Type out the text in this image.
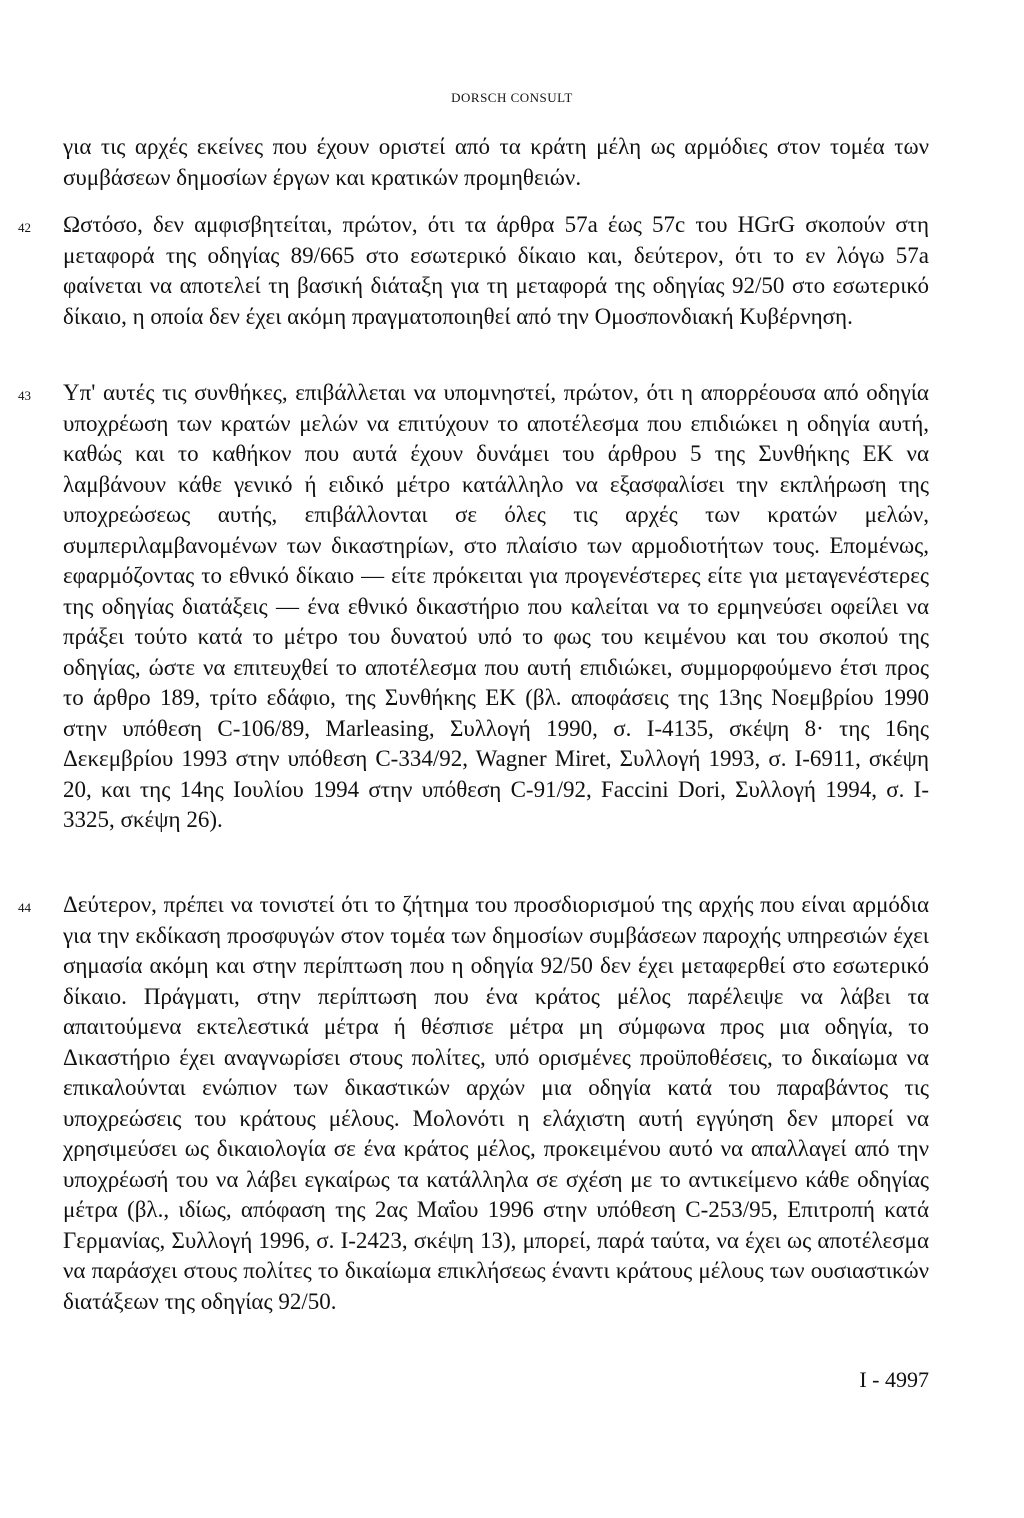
DORSCH CONSULT
για τις αρχές εκείνες που έχουν οριστεί από τα κράτη μέλη ως αρμόδιες στον τομέα των συμβάσεων δημοσίων έργων και κρατικών προμηθειών.
42 Ωστόσο, δεν αμφισβητείται, πρώτον, ότι τα άρθρα 57a έως 57c του HGrG σκοπούν στη μεταφορά της οδηγίας 89/665 στο εσωτερικό δίκαιο και, δεύτερον, ότι το εν λόγω 57a φαίνεται να αποτελεί τη βασική διάταξη για τη μεταφορά της οδηγίας 92/50 στο εσωτερικό δίκαιο, η οποία δεν έχει ακόμη πραγματοποιηθεί από την Ομοσπονδιακή Κυβέρνηση.
43 Υπ' αυτές τις συνθήκες, επιβάλλεται να υπομνηστεί, πρώτον, ότι η απορρέουσα από οδηγία υποχρέωση των κρατών μελών να επιτύχουν το αποτέλεσμα που επιδιώκει η οδηγία αυτή, καθώς και το καθήκον που αυτά έχουν δυνάμει του άρθρου 5 της Συνθήκης ΕΚ να λαμβάνουν κάθε γενικό ή ειδικό μέτρο κατάλληλο να εξασφαλίσει την εκπλήρωση της υποχρεώσεως αυτής, επιβάλλονται σε όλες τις αρχές των κρατών μελών, συμπεριλαμβανομένων των δικαστηρίων, στο πλαίσιο των αρμοδιοτήτων τους. Επομένως, εφαρμόζοντας το εθνικό δίκαιο — είτε πρόκειται για προγενέστερες είτε για μεταγενέστερες της οδηγίας διατάξεις — ένα εθνικό δικαστήριο που καλείται να το ερμηνεύσει οφείλει να πράξει τούτο κατά το μέτρο του δυνατού υπό το φως του κειμένου και του σκοπού της οδηγίας, ώστε να επιτευχθεί το αποτέλεσμα που αυτή επιδιώκει, συμμορφούμενο έτσι προς το άρθρο 189, τρίτο εδάφιο, της Συνθήκης ΕΚ (βλ. αποφάσεις της 13ης Νοεμβρίου 1990 στην υπόθεση C-106/89, Marleasing, Συλλογή 1990, σ. I-4135, σκέψη 8· της 16ης Δεκεμβρίου 1993 στην υπόθεση C-334/92, Wagner Miret, Συλλογή 1993, σ. I-6911, σκέψη 20, και της 14ης Ιουλίου 1994 στην υπόθεση C-91/92, Faccini Dori, Συλλογή 1994, σ. I-3325, σκέψη 26).
44 Δεύτερον, πρέπει να τονιστεί ότι το ζήτημα του προσδιορισμού της αρχής που είναι αρμόδια για την εκδίκαση προσφυγών στον τομέα των δημοσίων συμβάσεων παροχής υπηρεσιών έχει σημασία ακόμη και στην περίπτωση που η οδηγία 92/50 δεν έχει μεταφερθεί στο εσωτερικό δίκαιο. Πράγματι, στην περίπτωση που ένα κράτος μέλος παρέλειψε να λάβει τα απαιτούμενα εκτελεστικά μέτρα ή θέσπισε μέτρα μη σύμφωνα προς μια οδηγία, το Δικαστήριο έχει αναγνωρίσει στους πολίτες, υπό ορισμένες προϋποθέσεις, το δικαίωμα να επικαλούνται ενώπιον των δικαστικών αρχών μια οδηγία κατά του παραβάντος τις υποχρεώσεις του κράτους μέλους. Μολονότι η ελάχιστη αυτή εγγύηση δεν μπορεί να χρησιμεύσει ως δικαιολογία σε ένα κράτος μέλος, προκειμένου αυτό να απαλλαγεί από την υποχρέωσή του να λάβει εγκαίρως τα κατάλληλα σε σχέση με το αντικείμενο κάθε οδηγίας μέτρα (βλ., ιδίως, απόφαση της 2ας Μαΐου 1996 στην υπόθεση C-253/95, Επιτροπή κατά Γερμανίας, Συλλογή 1996, σ. I-2423, σκέψη 13), μπορεί, παρά ταύτα, να έχει ως αποτέλεσμα να παράσχει στους πολίτες το δικαίωμα επικλήσεως έναντι κράτους μέλους των ουσιαστικών διατάξεων της οδηγίας 92/50.
I - 4997
